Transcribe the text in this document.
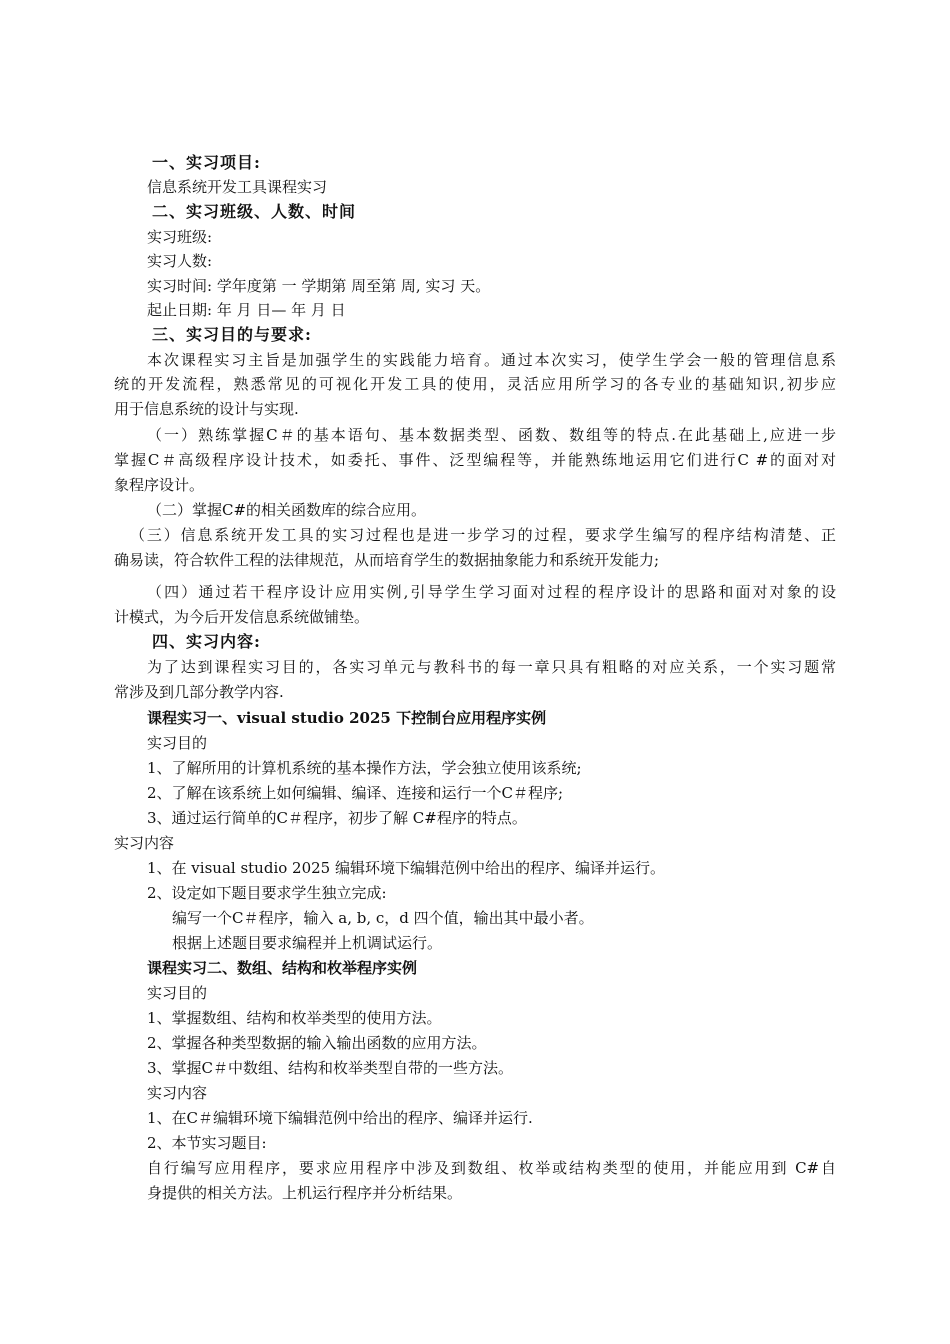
一、实习项目:
信息系统开发工具课程实习
二、实习班级、人数、时间
实习班级:
实习人数:
实习时间: 学年度第 一 学期第 周至第 周, 实习 天。
起止日期: 年 月 日— 年 月 日
三、实习目的与要求:
本次课程实习主旨是加强学生的实践能力培育。通过本次实习，使学生学会一般的管理信息系
统的开发流程，熟悉常见的可视化开发工具的使用，灵活应用所学习的各专业的基础知识,初步应
用于信息系统的设计与实现.
（一）熟练掌握C＃的基本语句、基本数据类型、函数、数组等的特点.在此基础上,应进一步
掌握C＃高级程序设计技术，如委托、事件、泛型编程等，并能熟练地运用它们进行C #的面对对
象程序设计。
（二）掌握C#的相关函数库的综合应用。
（三）信息系统开发工具的实习过程也是进一步学习的过程，要求学生编写的程序结构清楚、正
确易读，符合软件工程的法律规范，从而培育学生的数据抽象能力和系统开发能力;
（四）通过若干程序设计应用实例,引导学生学习面对过程的程序设计的思路和面对对象的设
计模式，为今后开发信息系统做铺垫。
四、实习内容:
为了达到课程实习目的，各实习单元与教科书的每一章只具有粗略的对应关系，一个实习题常
常涉及到几部分教学内容.
课程实习一、visual studio 2025 下控制台应用程序实例
实习目的
1、了解所用的计算机系统的基本操作方法，学会独立使用该系统;
2、了解在该系统上如何编辑、编译、连接和运行一个C＃程序;
3、通过运行简单的C＃程序，初步了解 C#程序的特点。
实习内容
1、在 visual studio 2025 编辑环境下编辑范例中给出的程序、编译并运行。
2、设定如下题目要求学生独立完成:
编写一个C＃程序，输入 a, b, c，d 四个值，输出其中最小者。
根据上述题目要求编程并上机调试运行。
课程实习二、数组、结构和枚举程序实例
实习目的
1、掌握数组、结构和枚举类型的使用方法。
2、掌握各种类型数据的输入输出函数的应用方法。
3、掌握C＃中数组、结构和枚举类型自带的一些方法。
实习内容
1、在C＃编辑环境下编辑范例中给出的程序、编译并运行.
2、本节实习题目:
自行编写应用程序，要求应用程序中涉及到数组、枚举或结构类型的使用，并能应用到 C#自
身提供的相关方法。上机运行程序并分析结果。
